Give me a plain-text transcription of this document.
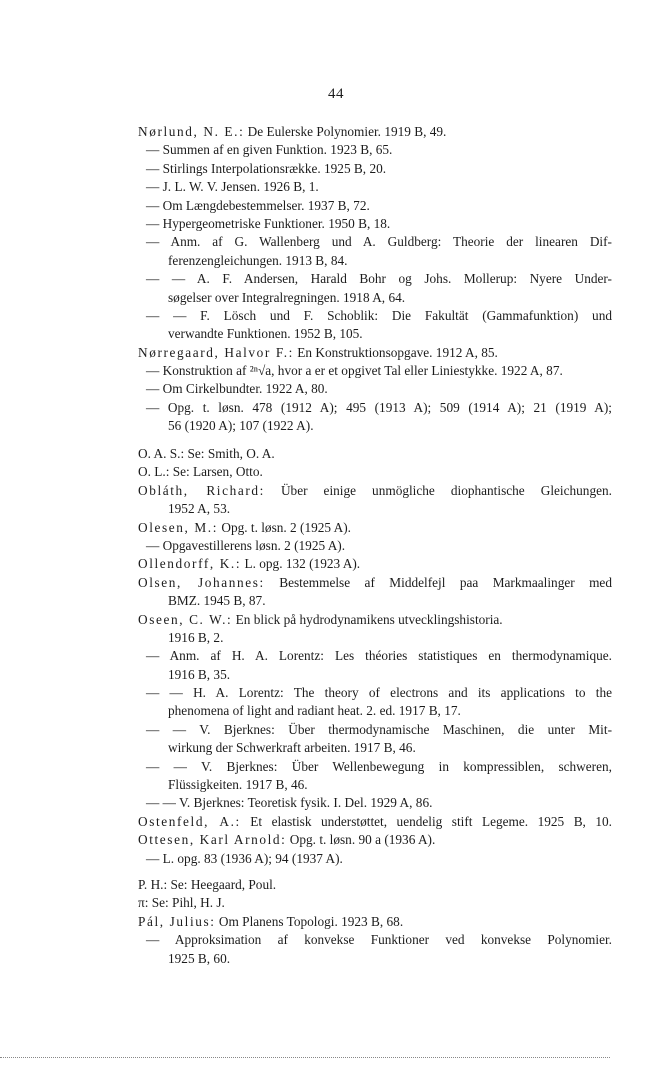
44
Nørlund, N. E.: De Eulerske Polynomier. 1919 B, 49.
— Summen af en given Funktion. 1923 B, 65.
— Stirlings Interpolationsrække. 1925 B, 20.
— J. L. W. V. Jensen. 1926 B, 1.
— Om Længdebestemmelser. 1937 B, 72.
— Hypergeometriske Funktioner. 1950 B, 18.
— Anm. af G. Wallenberg und A. Guldberg: Theorie der linearen Dif-
ferenzengleichungen. 1913 B, 84.
— — A. F. Andersen, Harald Bohr og Johs. Mollerup: Nyere Under-
søgelser over Integralregningen. 1918 A, 64.
— — F. Lösch und F. Schoblik: Die Fakultät (Gammafunktion) und
verwandte Funktionen. 1952 B, 105.
Nørregaard, Halvor F.: En Konstruktionsopgave. 1912 A, 85.
— Konstruktion af ²ⁿ√a, hvor a er et opgivet Tal eller Liniestykke. 1922 A, 87.
— Om Cirkelbundter. 1922 A, 80.
— Opg. t. løsn. 478 (1912 A); 495 (1913 A); 509 (1914 A); 21 (1919 A);
56 (1920 A); 107 (1922 A).
O. A. S.: Se: Smith, O. A.
O. L.: Se: Larsen, Otto.
Obláth, Richard: Über einige unmögliche diophantische Gleichungen.
1952 A, 53.
Olesen, M.: Opg. t. løsn. 2 (1925 A).
— Opgavestillerens løsn. 2 (1925 A).
Ollendorff, K.: L. opg. 132 (1923 A).
Olsen, Johannes: Bestemmelse af Middelfejl paa Markmaalinger med
BMZ. 1945 B, 87.
Oseen, C. W.: En blick på hydrodynamikens utvecklingshistoria.
1916 B, 2.
— Anm. af H. A. Lorentz: Les théories statistiques en thermodynamique.
1916 B, 35.
— — H. A. Lorentz: The theory of electrons and its applications to the
phenomena of light and radiant heat. 2. ed. 1917 B, 17.
— — V. Bjerknes: Über thermodynamische Maschinen, die unter Mit-
wirkung der Schwerkraft arbeiten. 1917 B, 46.
— — V. Bjerknes: Über Wellenbewegung in kompressiblen, schweren,
Flüssigkeiten. 1917 B, 46.
— — V. Bjerknes: Teoretisk fysik. I. Del. 1929 A, 86.
Ostenfeld, A.: Et elastisk understøttet, uendelig stift Legeme. 1925 B, 10.
Ottesen, Karl Arnold: Opg. t. løsn. 90 a (1936 A).
— L. opg. 83 (1936 A); 94 (1937 A).
P. H.: Se: Heegaard, Poul.
π: Se: Pihl, H. J.
Pál, Julius: Om Planens Topologi. 1923 B, 68.
— Approksimation af konvekse Funktioner ved konvekse Polynomier.
1925 B, 60.
